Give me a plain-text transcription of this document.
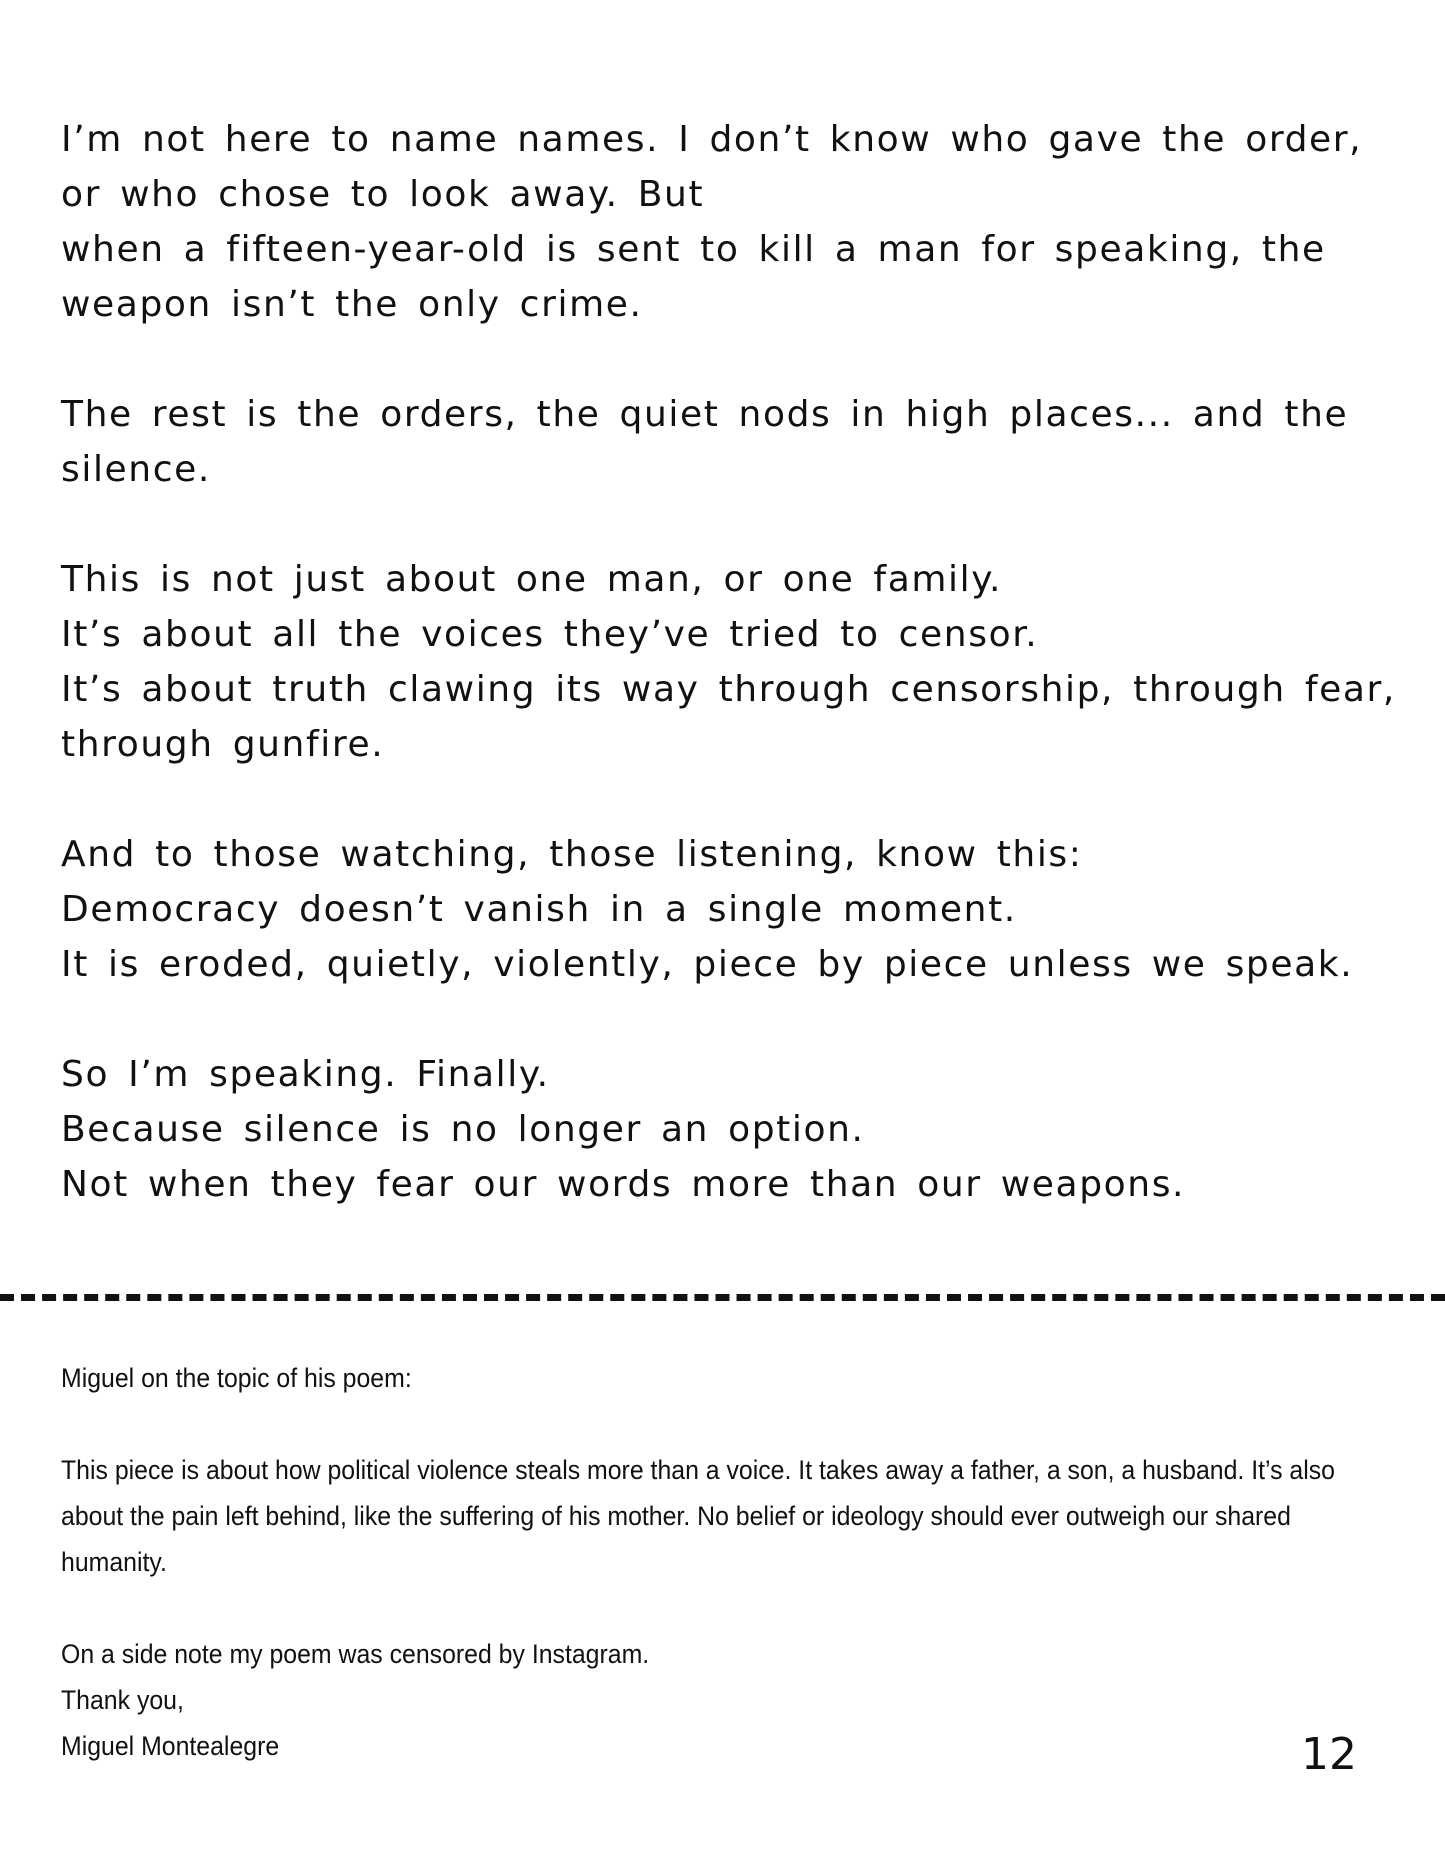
I’m not here to name names. I don’t know who gave the order,
or who chose to look away. But
when a fifteen-year-old is sent to kill a man for speaking, the
weapon isn’t the only crime.
The rest is the orders, the quiet nods in high places... and the
silence.
This is not just about one man, or one family.
It’s about all the voices they’ve tried to censor.
It’s about truth clawing its way through censorship, through fear,
through gunfire.
And to those watching, those listening, know this:
Democracy doesn’t vanish in a single moment.
It is eroded, quietly, violently, piece by piece unless we speak.
So I’m speaking. Finally.
Because silence is no longer an option.
Not when they fear our words more than our weapons.

Miguel on the topic of his poem:

This piece is about how political violence steals more than a voice. It takes away a father, a son, a husband. It’s also about the pain left behind, like the suffering of his mother. No belief or ideology should ever outweigh our shared humanity.

On a side note my poem was censored by Instagram.
Thank you,
Miguel Montealegre	12
